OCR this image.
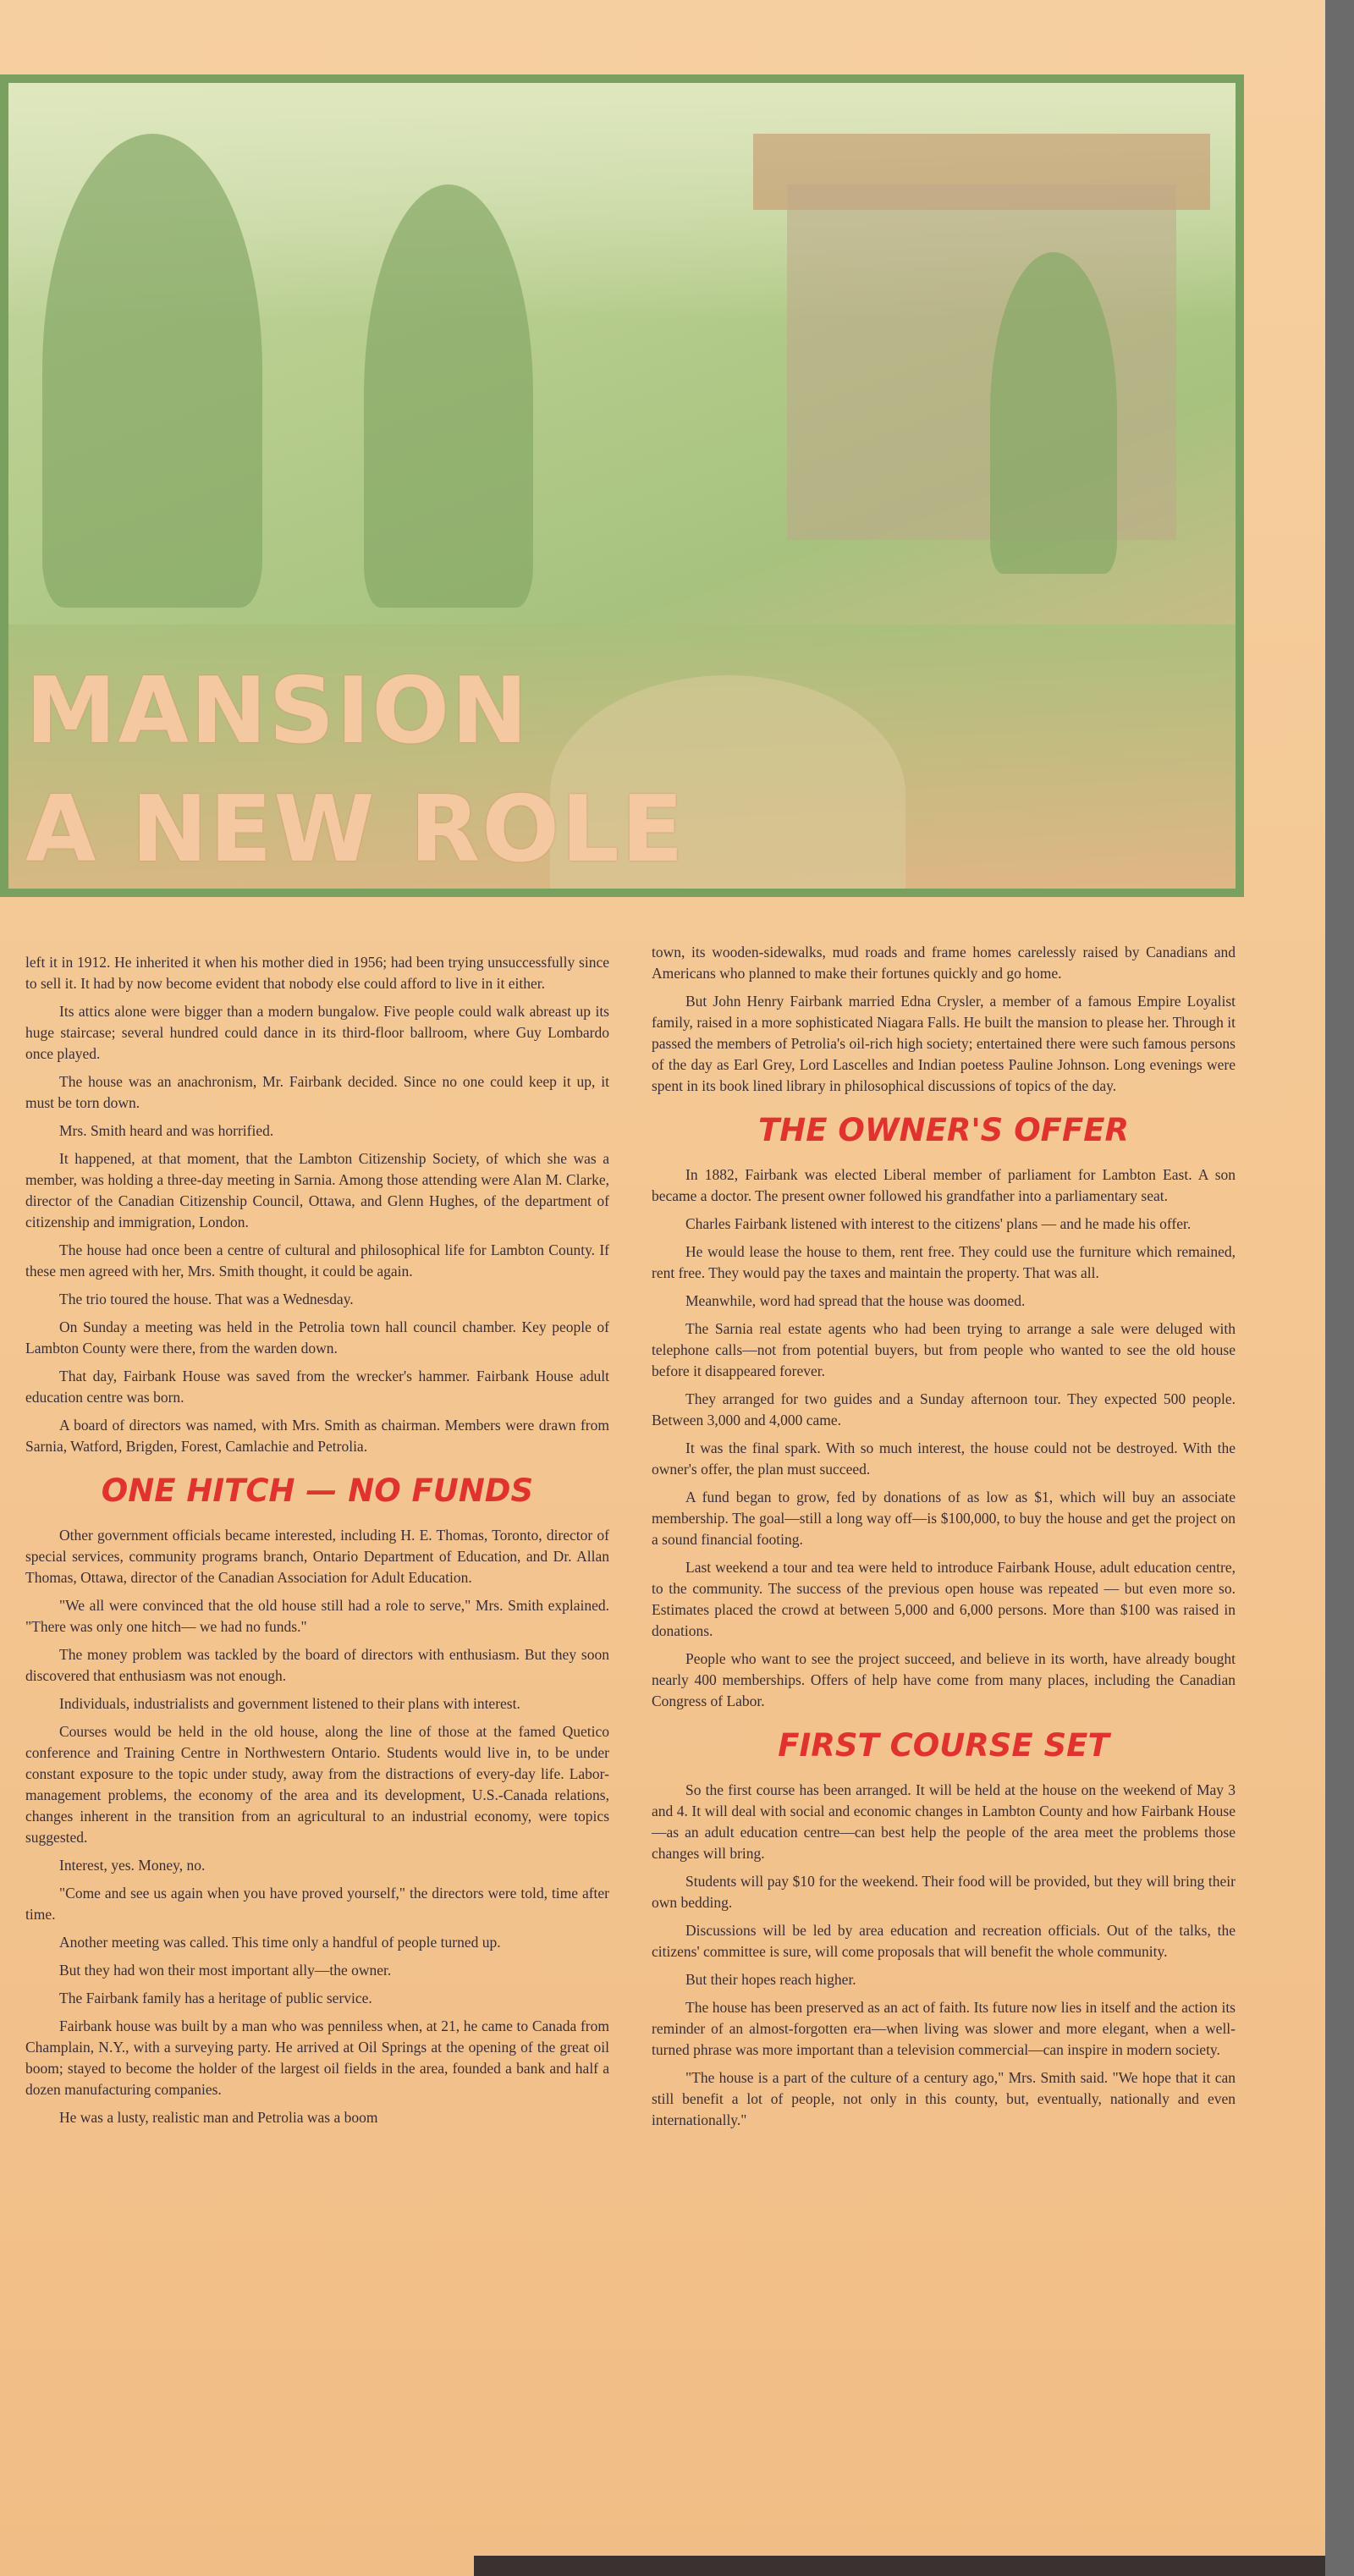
MANSION
A NEW ROLE

left it in 1912. He inherited it when his mother died in 1956; had been trying unsuccessfully since to sell it. It had by now become evident that nobody else could afford to live in it either.

Its attics alone were bigger than a modern bungalow. Five people could walk abreast up its huge staircase; several hundred could dance in its third-floor ballroom, where Guy Lombardo once played.

The house was an anachronism, Mr. Fairbank decided. Since no one could keep it up, it must be torn down.

Mrs. Smith heard and was horrified.

It happened, at that moment, that the Lambton Citizenship Society, of which she was a member, was holding a three-day meeting in Sarnia. Among those attending were Alan M. Clarke, director of the Canadian Citizenship Council, Ottawa, and Glenn Hughes, of the department of citizenship and immigration, London.

The house had once been a centre of cultural and philosophical life for Lambton County. If these men agreed with her, Mrs. Smith thought, it could be again.

The trio toured the house. That was a Wednesday.

On Sunday a meeting was held in the Petrolia town hall council chamber. Key people of Lambton County were there, from the warden down.

That day, Fairbank House was saved from the wrecker's hammer. Fairbank House adult education centre was born.

A board of directors was named, with Mrs. Smith as chairman. Members were drawn from Sarnia, Watford, Brigden, Forest, Camlachie and Petrolia.

ONE HITCH — NO FUNDS

Other government officials became interested, including H. E. Thomas, Toronto, director of special services, community programs branch, Ontario Department of Education, and Dr. Allan Thomas, Ottawa, director of the Canadian Association for Adult Education.

"We all were convinced that the old house still had a role to serve," Mrs. Smith explained. "There was only one hitch— we had no funds."

The money problem was tackled by the board of directors with enthusiasm. But they soon discovered that enthusiasm was not enough.

Individuals, industrialists and government listened to their plans with interest.

Courses would be held in the old house, along the line of those at the famed Quetico conference and Training Centre in Northwestern Ontario. Students would live in, to be under constant exposure to the topic under study, away from the distractions of every-day life. Labor-management problems, the economy of the area and its development, U.S.-Canada relations, changes inherent in the transition from an agricultural to an industrial economy, were topics suggested.

Interest, yes. Money, no.

"Come and see us again when you have proved yourself," the directors were told, time after time.

Another meeting was called. This time only a handful of people turned up.

But they had won their most important ally—the owner.

The Fairbank family has a heritage of public service.

Fairbank house was built by a man who was penniless when, at 21, he came to Canada from Champlain, N.Y., with a surveying party. He arrived at Oil Springs at the opening of the great oil boom; stayed to become the holder of the largest oil fields in the area, founded a bank and half a dozen manufacturing companies.

He was a lusty, realistic man and Petrolia was a boom

town, its wooden-sidewalks, mud roads and frame homes carelessly raised by Canadians and Americans who planned to make their fortunes quickly and go home.

But John Henry Fairbank married Edna Crysler, a member of a famous Empire Loyalist family, raised in a more sophisticated Niagara Falls. He built the mansion to please her. Through it passed the members of Petrolia's oil-rich high society; entertained there were such famous persons of the day as Earl Grey, Lord Lascelles and Indian poetess Pauline Johnson. Long evenings were spent in its book lined library in philosophical discussions of topics of the day.

THE OWNER'S OFFER

In 1882, Fairbank was elected Liberal member of parliament for Lambton East. A son became a doctor. The present owner followed his grandfather into a parliamentary seat.

Charles Fairbank listened with interest to the citizens' plans — and he made his offer.

He would lease the house to them, rent free. They could use the furniture which remained, rent free. They would pay the taxes and maintain the property. That was all.

Meanwhile, word had spread that the house was doomed.

The Sarnia real estate agents who had been trying to arrange a sale were deluged with telephone calls—not from potential buyers, but from people who wanted to see the old house before it disappeared forever.

They arranged for two guides and a Sunday afternoon tour. They expected 500 people. Between 3,000 and 4,000 came.

It was the final spark. With so much interest, the house could not be destroyed. With the owner's offer, the plan must succeed.

A fund began to grow, fed by donations of as low as $1, which will buy an associate membership. The goal—still a long way off—is $100,000, to buy the house and get the project on a sound financial footing.

Last weekend a tour and tea were held to introduce Fairbank House, adult education centre, to the community. The success of the previous open house was repeated — but even more so. Estimates placed the crowd at between 5,000 and 6,000 persons. More than $100 was raised in donations.

People who want to see the project succeed, and believe in its worth, have already bought nearly 400 memberships. Offers of help have come from many places, including the Canadian Congress of Labor.

FIRST COURSE SET

So the first course has been arranged. It will be held at the house on the weekend of May 3 and 4. It will deal with social and economic changes in Lambton County and how Fairbank House—as an adult education centre—can best help the people of the area meet the problems those changes will bring.

Students will pay $10 for the weekend. Their food will be provided, but they will bring their own bedding.

Discussions will be led by area education and recreation officials. Out of the talks, the citizens' committee is sure, will come proposals that will benefit the whole community.

But their hopes reach higher.

The house has been preserved as an act of faith. Its future now lies in itself and the action its reminder of an almost-forgotten era—when living was slower and more elegant, when a well-turned phrase was more important than a television commercial—can inspire in modern society.

"The house is a part of the culture of a century ago," Mrs. Smith said. "We hope that it can still benefit a lot of people, not only in this county, but, eventually, nationally and even internationally."
